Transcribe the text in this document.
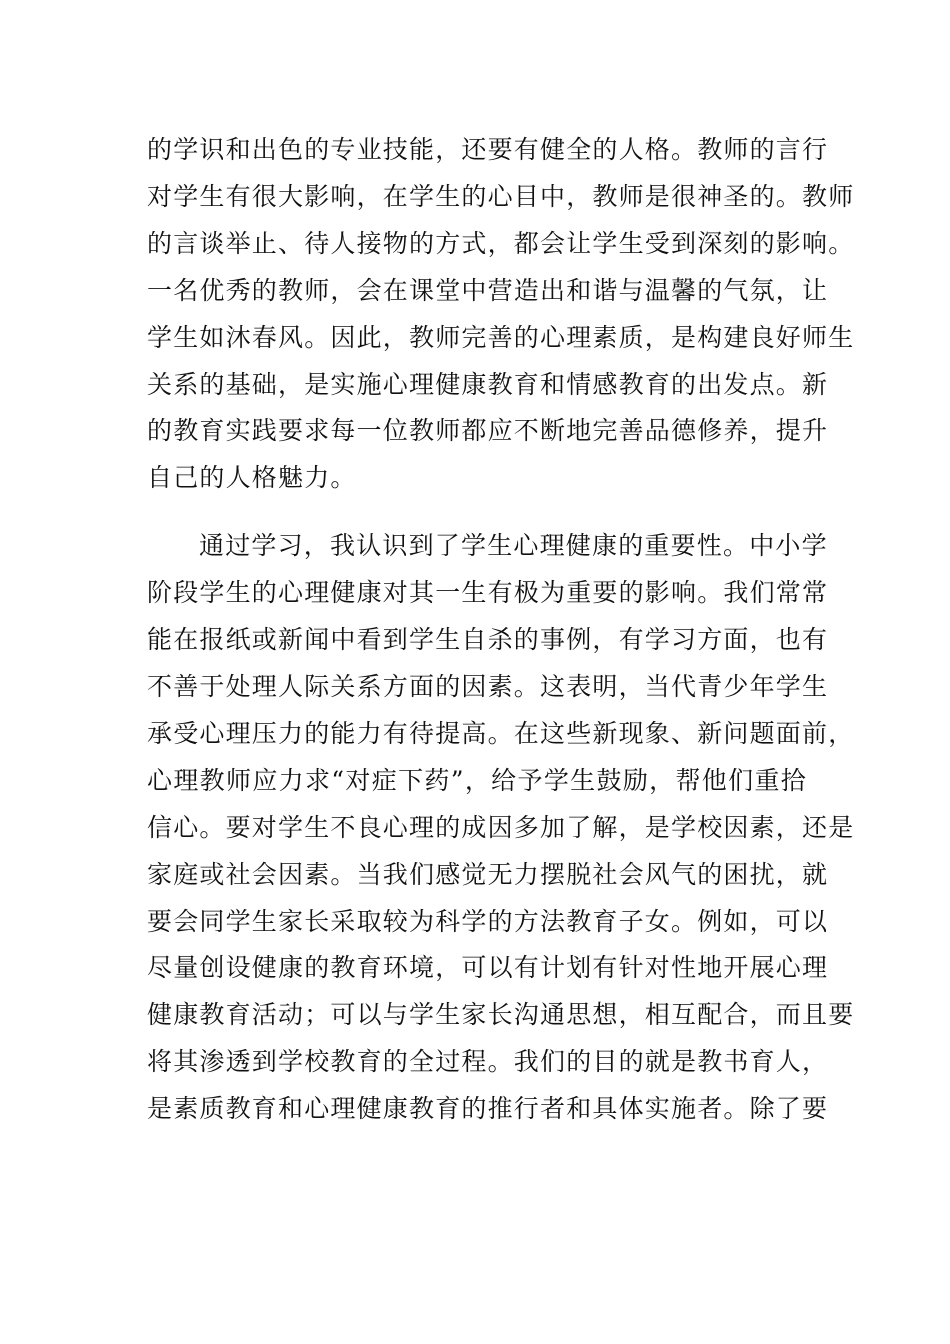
的学识和出色的专业技能，还要有健全的人格。教师的言行
对学生有很大影响，在学生的心目中，教师是很神圣的。教师
的言谈举止、待人接物的方式，都会让学生受到深刻的影响。
一名优秀的教师，会在课堂中营造出和谐与温馨的气氛，让
学生如沐春风。因此，教师完善的心理素质，是构建良好师生
关系的基础，是实施心理健康教育和情感教育的出发点。新
的教育实践要求每一位教师都应不断地完善品德修养，提升
自己的人格魅力。
通过学习，我认识到了学生心理健康的重要性。中小学
阶段学生的心理健康对其一生有极为重要的影响。我们常常
能在报纸或新闻中看到学生自杀的事例，有学习方面，也有
不善于处理人际关系方面的因素。这表明，当代青少年学生
承受心理压力的能力有待提高。在这些新现象、新问题面前，
心理教师应力求“对症下药”，给予学生鼓励，帮他们重拾
信心。要对学生不良心理的成因多加了解，是学校因素，还是
家庭或社会因素。当我们感觉无力摆脱社会风气的困扰，就
要会同学生家长采取较为科学的方法教育子女。例如，可以
尽量创设健康的教育环境，可以有计划有针对性地开展心理
健康教育活动；可以与学生家长沟通思想，相互配合，而且要
将其渗透到学校教育的全过程。我们的目的就是教书育人，
是素质教育和心理健康教育的推行者和具体实施者。除了要
